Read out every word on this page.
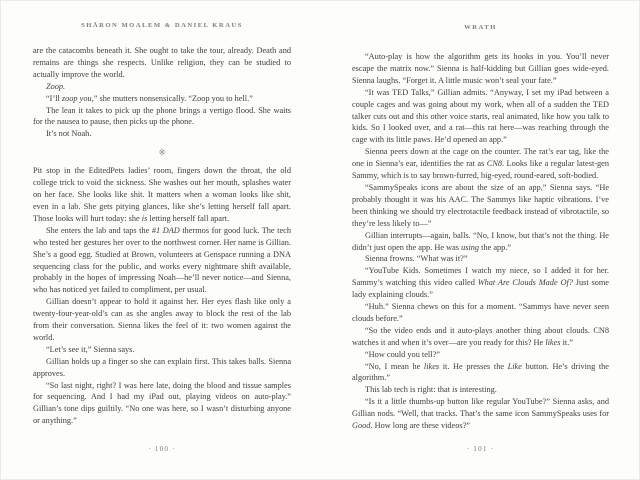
SHĀRON MOALEM & DANIEL KRAUS	WRATH

are the catacombs beneath it. She ought to take the tour, already. Death and remains are things she respects. Unlike religion, they can be studied to actually improve the world.

Zoop.

“I’ll zoop you,” she mutters nonsensically. “Zoop you to hell.”

The lean it takes to pick up the phone brings a vertigo flood. She waits for the nausea to pause, then picks up the phone.

It’s not Noah.

※

Pit stop in the EditedPets ladies’ room, fingers down the throat, the old college trick to void the sickness. She washes out her mouth, splashes water on her face. She looks like shit. It matters when a woman looks like shit, even in a lab. She gets pitying glances, like she’s letting herself fall apart. Those looks will hurt today: she is letting herself fall apart.

She enters the lab and taps the #1 DAD thermos for good luck. The tech who tested her gestures her over to the northwest corner. Her name is Gillian. She’s a good egg. Studied at Brown, volunteers at Genspace running a DNA sequencing class for the public, and works every nightmare shift available, probably in the hopes of impressing Noah—he’ll never notice—and Sienna, who has noticed yet failed to compliment, per usual.

Gillian doesn’t appear to hold it against her. Her eyes flash like only a twenty-four-year-old’s can as she angles away to block the rest of the lab from their conversation. Sienna likes the feel of it: two women against the world.

“Let’s see it,” Sienna says.

Gillian holds up a finger so she can explain first. This takes balls. Sienna approves.

“So last night, right? I was here late, doing the blood and tissue samples for sequencing. And I had my iPad out, playing videos on auto-play.” Gillian’s tone dips guiltily. “No one was here, so I wasn’t disturbing anyone or anything.”

“Auto-play is how the algorithm gets its hooks in you. You’ll never escape the matrix now.” Sienna is half-kidding but Gillian goes wide-eyed. Sienna laughs. “Forget it. A little music won’t seal your fate.”

“It was TED Talks,” Gillian admits. “Anyway, I set my iPad between a couple cages and was going about my work, when all of a sudden the TED talker cuts out and this other voice starts, real animated, like how you talk to kids. So I looked over, and a rat—this rat here—was reaching through the cage with its little paws. He’d opened an app.”

Sienna peers down at the cage on the counter. The rat’s ear tag, like the one in Sienna’s ear, identifies the rat as CN8. Looks like a regular latest-gen Sammy, which is to say brown-furred, big-eyed, round-eared, soft-bodied.

“SammySpeaks icons are about the size of an app,” Sienna says. “He probably thought it was his AAC. The Sammys like haptic vibrations. I’ve been thinking we should try electrotactile feedback instead of vibrotactile, so they’re less likely to—”

Gillian interrupts—again, balls. “No, I know, but that’s not the thing. He didn’t just open the app. He was using the app.”

Sienna frowns. “What was it?”

“YouTube Kids. Sometimes I watch my niece, so I added it for her. Sammy’s watching this video called What Are Clouds Made Of? Just some lady explaining clouds.”

“Huh.” Sienna chews on this for a moment. “Sammys have never seen clouds before.”

“So the video ends and it auto-plays another thing about clouds. CN8 watches it and when it’s over—are you ready for this? He likes it.”

“How could you tell?”

“No, I mean he likes it. He presses the Like button. He’s driving the algorithm.”

This lab tech is right: that is interesting.

“Is it a little thumbs-up button like regular YouTube?” Sienna asks, and Gillian nods. “Well, that tracks. That’s the same icon SammySpeaks uses for Good. How long are these videos?”

· 100 ·	· 101 ·
